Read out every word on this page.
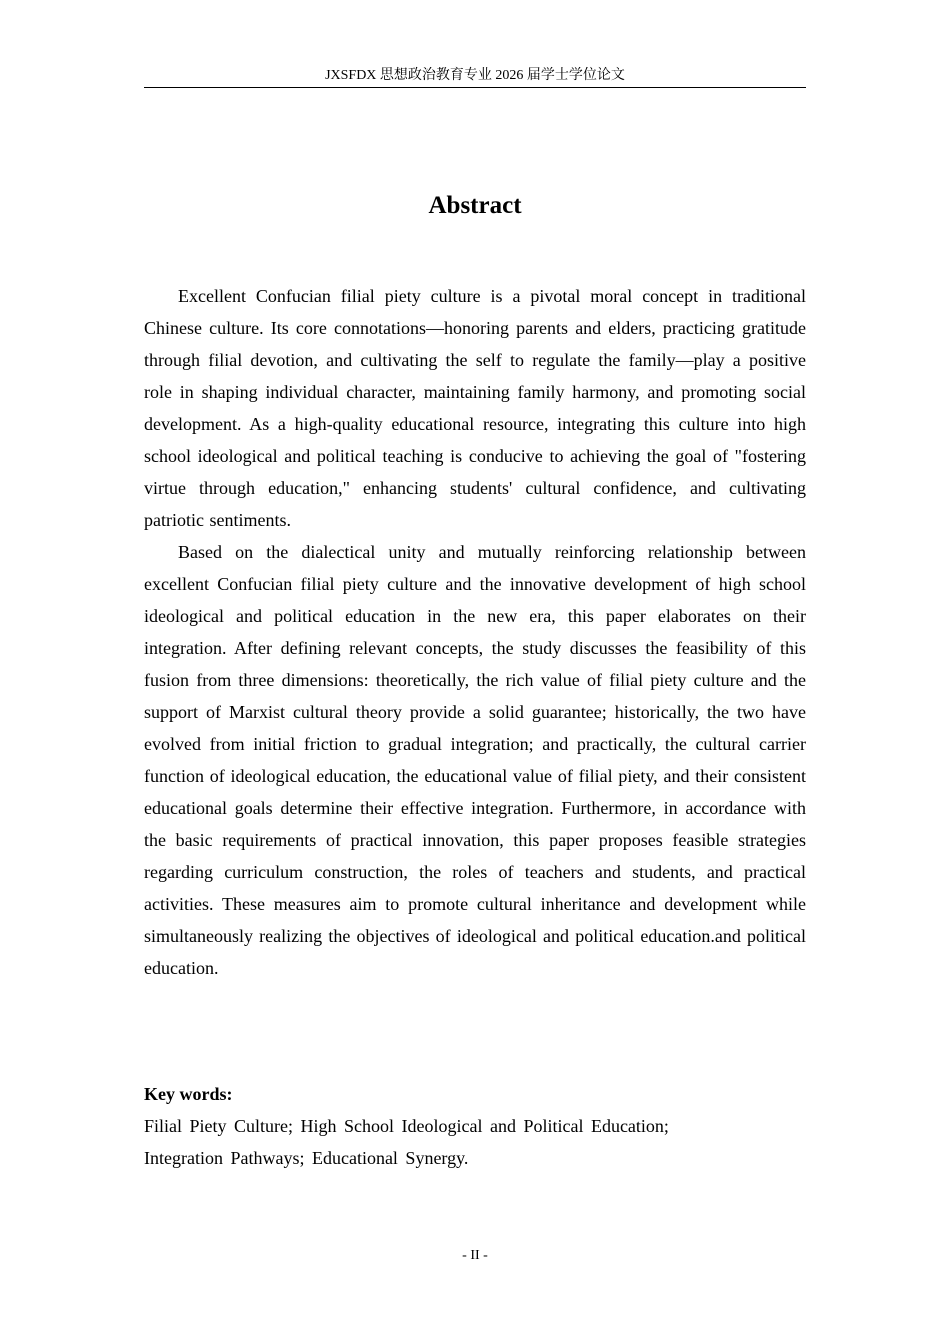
JXSFDX 思想政治教育专业 2026 届学士学位论文
Abstract

Excellent Confucian filial piety culture is a pivotal moral concept in traditional Chinese culture. Its core connotations—honoring parents and elders, practicing gratitude through filial devotion, and cultivating the self to regulate the family—play a positive role in shaping individual character, maintaining family harmony, and promoting social development. As a high-quality educational resource, integrating this culture into high school ideological and political teaching is conducive to achieving the goal of "fostering virtue through education," enhancing students' cultural confidence, and cultivating patriotic sentiments.

Based on the dialectical unity and mutually reinforcing relationship between excellent Confucian filial piety culture and the innovative development of high school ideological and political education in the new era, this paper elaborates on their integration. After defining relevant concepts, the study discusses the feasibility of this fusion from three dimensions: theoretically, the rich value of filial piety culture and the support of Marxist cultural theory provide a solid guarantee; historically, the two have evolved from initial friction to gradual integration; and practically, the cultural carrier function of ideological education, the educational value of filial piety, and their consistent educational goals determine their effective integration. Furthermore, in accordance with the basic requirements of practical innovation, this paper proposes feasible strategies regarding curriculum construction, the roles of teachers and students, and practical activities. These measures aim to promote cultural inheritance and development while simultaneously realizing the objectives of ideological and political education.and political education.

Key words:
Filial Piety Culture; High School Ideological and Political Education;
Integration Pathways; Educational Synergy.
- II -
